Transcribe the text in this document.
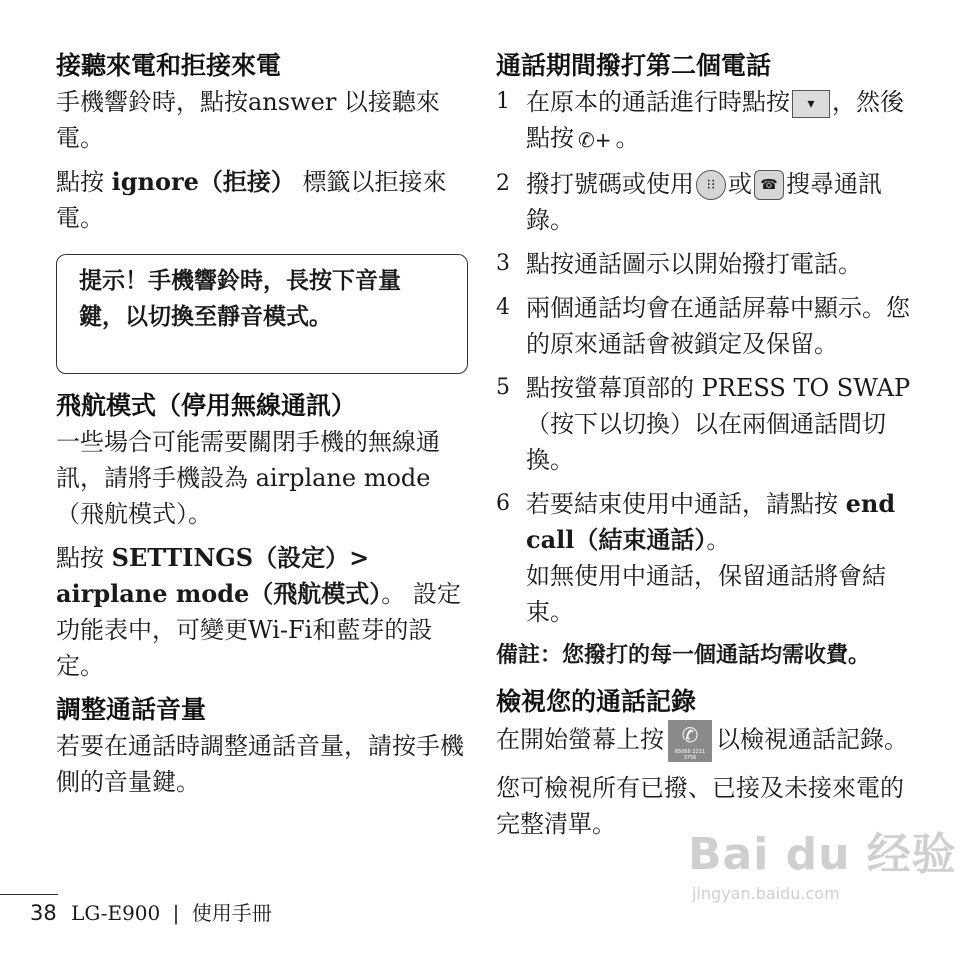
接聽來電和拒接來電

手機響鈴時，點按answer 以接聽來電。

點按 ignore（拒接） 標籤以拒接來電。

提示！手機響鈴時，長按下音量鍵，以切換至靜音模式。

飛航模式（停用無線通訊）

一些場合可能需要關閉手機的無線通訊，請將手機設為 airplane mode（飛航模式）。

點按 SETTINGS（設定）> airplane mode（飛航模式）。 設定功能表中，可變更Wi-Fi和藍芽的設定。

調整通話音量

若要在通話時調整通話音量，請按手機側的音量鍵。

通話期間撥打第二個電話
1 在原本的通話進行時點按 ▾ ，然後點按 ✆+ 。
2 撥打號碼或使用 ⁝⁝ 或 ☎ 搜尋通訊錄。
3 點按通話圖示以開始撥打電話。
4 兩個通話均會在通話屏幕中顯示。您的原來通話會被鎖定及保留。
5 點按螢幕頂部的 PRESS TO SWAP（按下以切換）以在兩個通話間切換。
6 若要結束使用中通話，請點按 end call（結束通話）。
如無使用中通話，保留通話將會結束。
備註：您撥打的每一個通話均需收費。
檢視您的通話記錄

在開始螢幕上按 ✆
65060 2211 3756
以檢視通話記錄。

您可檢視所有已撥、已接及未接來電的完整清單。

38 LG-E900 | 使用手冊
Bai du 经验
jingyan.baidu.com
